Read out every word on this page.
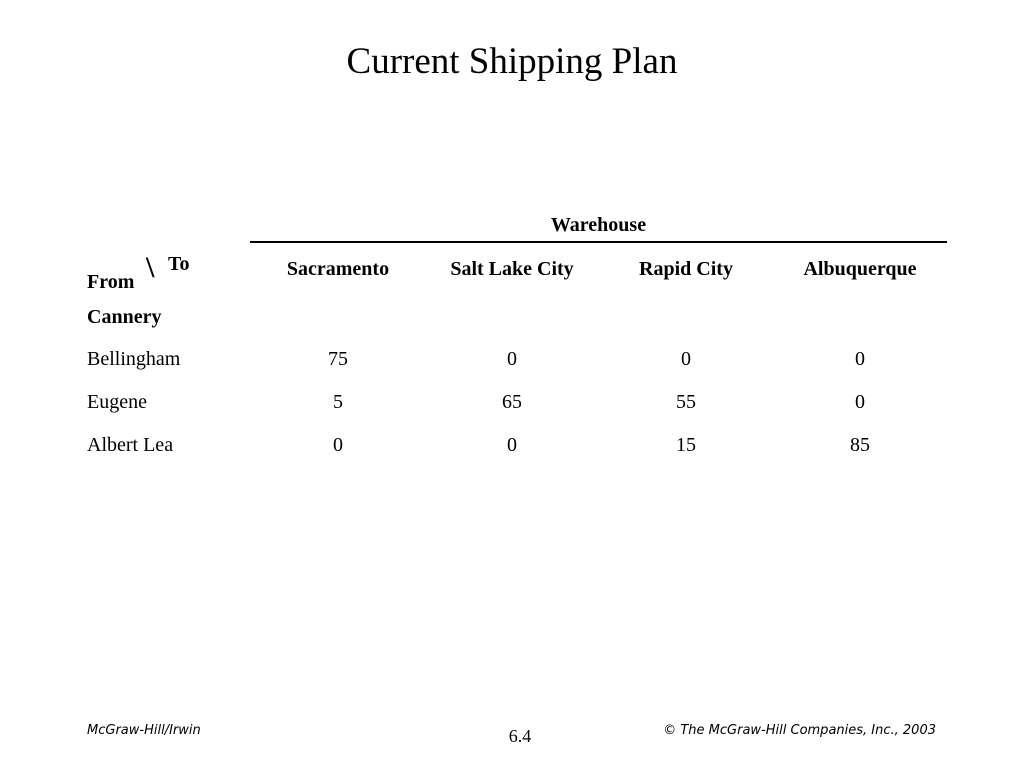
Current Shipping Plan
Warehouse
Sacramento	Salt Lake City	Rapid City	Albuquerque
From \ To
Cannery
Bellingham	75	0	0	0
Eugene	5	65	55	0
Albert Lea	0	0	15	85
McGraw-Hill/Irwin	6.4	© The McGraw-Hill Companies, Inc., 2003
